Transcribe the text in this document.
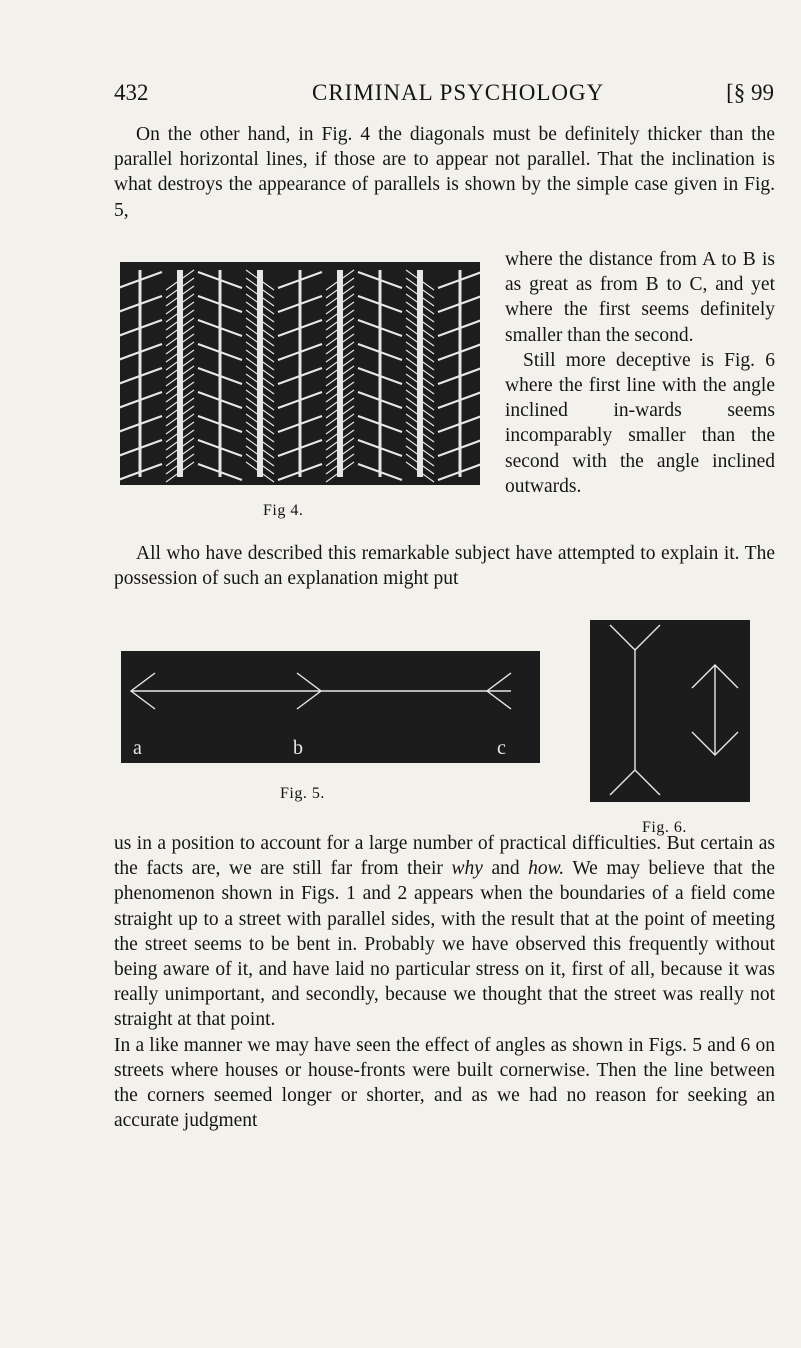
432	CRIMINAL PSYCHOLOGY	[§ 99
On the other hand, in Fig. 4 the diagonals must be definitely thicker than the parallel horizontal lines, if those are to appear not parallel. That the inclination is what destroys the appearance of parallels is shown by the simple case given in Fig. 5,
Fig 4.
where the distance from A to B is as great as from B to C, and yet where the first seems definitely smaller than the second.
Still more deceptive is Fig. 6 where the first line with the angle inclined in-wards seems incomparably smaller than the second with the angle inclined outwards.
All who have described this remarkable subject have attempted to explain it. The possession of such an explanation might put
a	b	c
Fig. 5.
Fig. 6.
us in a position to account for a large number of practical difficulties. But certain as the facts are, we are still far from their why and how. We may believe that the phenomenon shown in Figs. 1 and 2 appears when the boundaries of a field come straight up to a street with parallel sides, with the result that at the point of meeting the street seems to be bent in. Probably we have observed this frequently without being aware of it, and have laid no particular stress on it, first of all, because it was really unimportant, and secondly, because we thought that the street was really not straight at that point.
In a like manner we may have seen the effect of angles as shown in Figs. 5 and 6 on streets where houses or house-fronts were built cornerwise. Then the line between the corners seemed longer or shorter, and as we had no reason for seeking an accurate judgment
